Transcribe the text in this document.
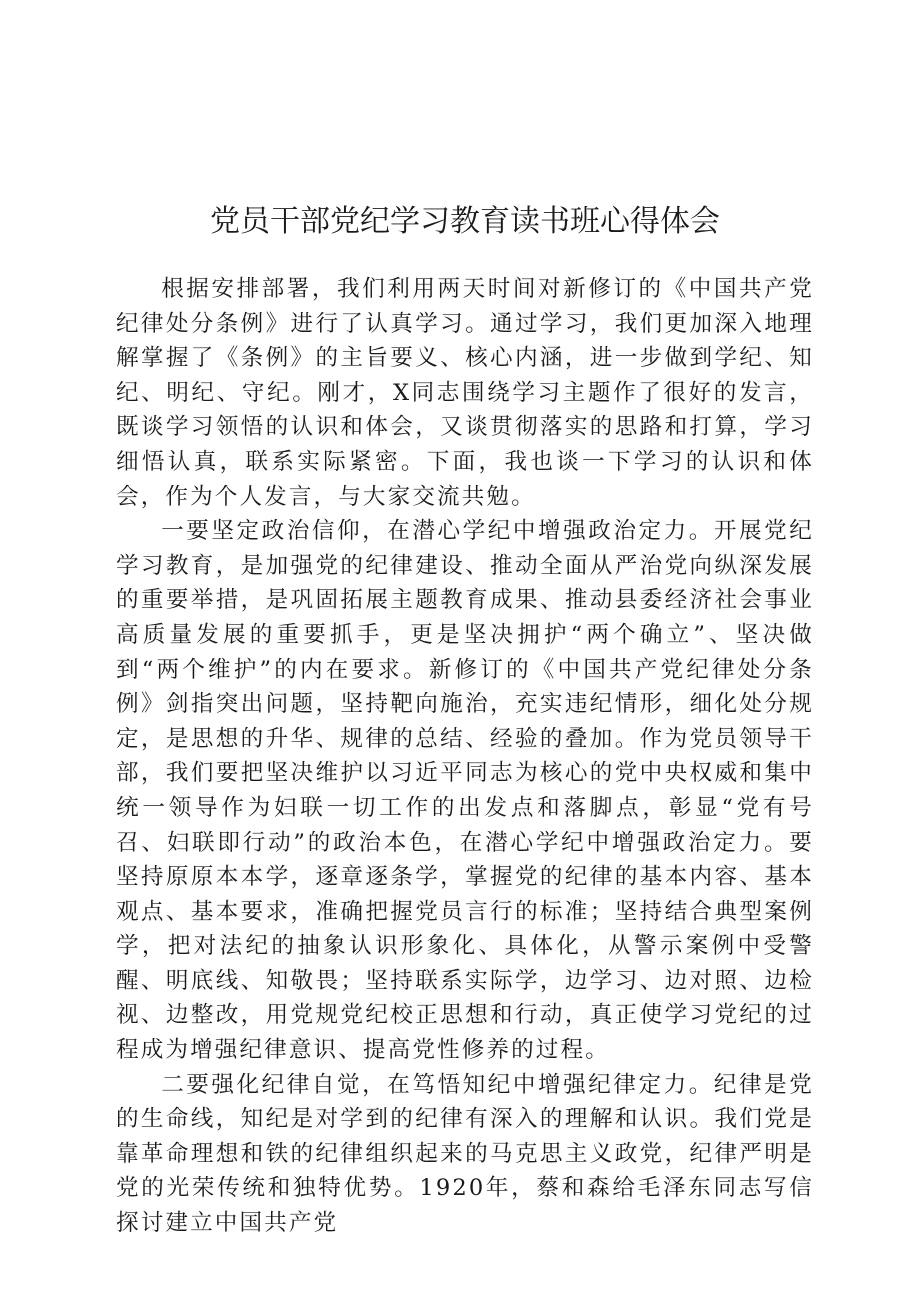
党员干部党纪学习教育读书班心得体会

根据安排部署，我们利用两天时间对新修订的《中国共产党纪律处分条例》进行了认真学习。通过学习，我们更加深入地理解掌握了《条例》的主旨要义、核心内涵，进一步做到学纪、知纪、明纪、守纪。刚才，X同志围绕学习主题作了很好的发言，既谈学习领悟的认识和体会，又谈贯彻落实的思路和打算，学习细悟认真，联系实际紧密。下面，我也谈一下学习的认识和体会，作为个人发言，与大家交流共勉。

一要坚定政治信仰，在潜心学纪中增强政治定力。开展党纪学习教育，是加强党的纪律建设、推动全面从严治党向纵深发展的重要举措，是巩固拓展主题教育成果、推动县委经济社会事业高质量发展的重要抓手，更是坚决拥护“两个确立”、坚决做到“两个维护”的内在要求。新修订的《中国共产党纪律处分条例》剑指突出问题，坚持靶向施治，充实违纪情形，细化处分规定，是思想的升华、规律的总结、经验的叠加。作为党员领导干部，我们要把坚决维护以习近平同志为核心的党中央权威和集中统一领导作为妇联一切工作的出发点和落脚点，彰显“党有号召、妇联即行动”的政治本色，在潜心学纪中增强政治定力。要坚持原原本本学，逐章逐条学，掌握党的纪律的基本内容、基本观点、基本要求，准确把握党员言行的标准；坚持结合典型案例学，把对法纪的抽象认识形象化、具体化，从警示案例中受警醒、明底线、知敬畏；坚持联系实际学，边学习、边对照、边检视、边整改，用党规党纪校正思想和行动，真正使学习党纪的过程成为增强纪律意识、提高党性修养的过程。

二要强化纪律自觉，在笃悟知纪中增强纪律定力。纪律是党的生命线，知纪是对学到的纪律有深入的理解和认识。我们党是靠革命理想和铁的纪律组织起来的马克思主义政党，纪律严明是党的光荣传统和独特优势。1920年，蔡和森给毛泽东同志写信探讨建立中国共产党
